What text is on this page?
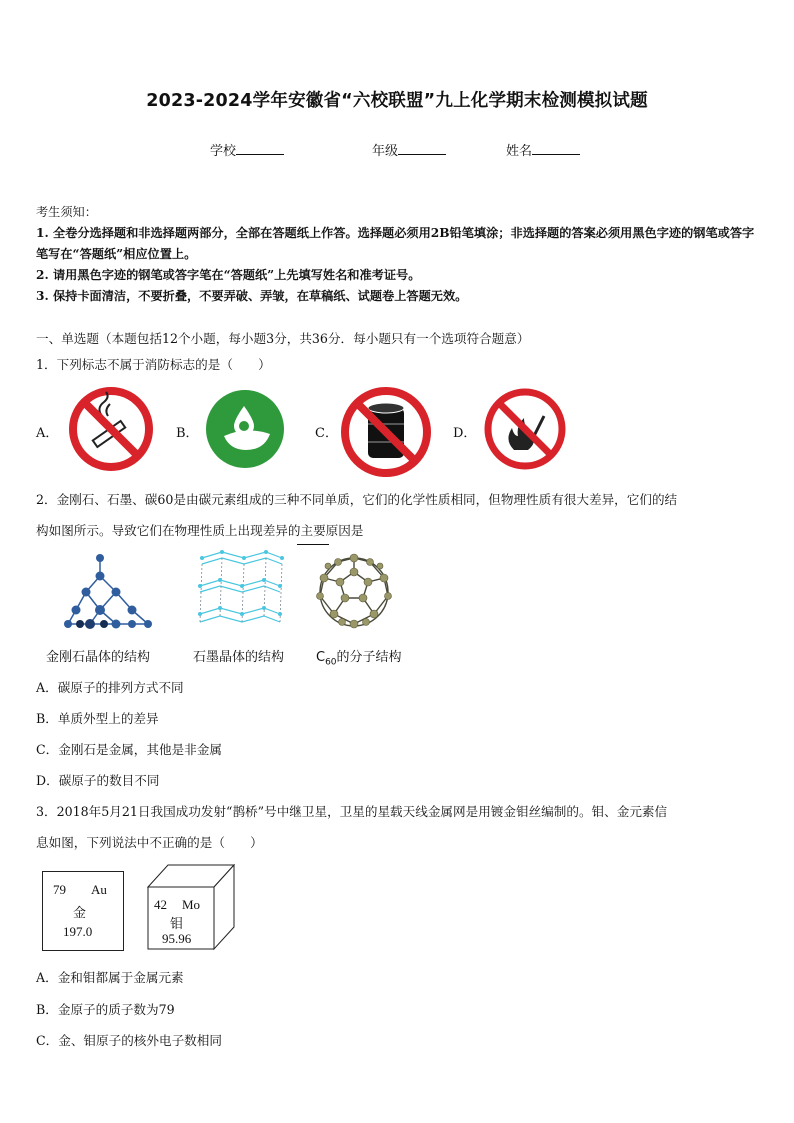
2023-2024学年安徽省“六校联盟”九上化学期末检测模拟试题
学校	年级	姓名

考生须知：

1. 全卷分选择题和非选择题两部分，全部在答题纸上作答。选择题必须用2B铅笔填涂；非选择题的答案必须用黑色字迹的钢笔或答字笔写在“答题纸”相应位置上。

2. 请用黑色字迹的钢笔或答字笔在“答题纸”上先填写姓名和准考证号。

3. 保持卡面清洁，不要折叠，不要弄破、弄皱，在草稿纸、试题卷上答题无效。

一、单选题（本题包括12个小题，每小题3分，共36分．每小题只有一个选项符合题意）
1．下列标志不属于消防标志的是（　　）
A．	B．	C．	D．
2．金刚石、石墨、碳60是由碳元素组成的三种不同单质，它们的化学性质相同，但物理性质有很大差异，它们的结
构如图所示。导致它们在物理性质上出现差异的主要原因是
金刚石晶体的结构	石墨晶体的结构 $C_{60}$的分子结构
A．碳原子的排列方式不同
B．单质外型上的差异
C．金刚石是金属，其他是非金属
D．碳原子的数目不同
3．2018年5月21日我国成功发射“鹊桥”号中继卫星，卫星的星载天线金属网是用镀金钼丝编制的。钼、金元素信
息如图，下列说法中不正确的是（　　）
79 Au
金
197.0
42 Mo
钼
95.96
A．金和钼都属于金属元素
B．金原子的质子数为79
C．金、钼原子的核外电子数相同
